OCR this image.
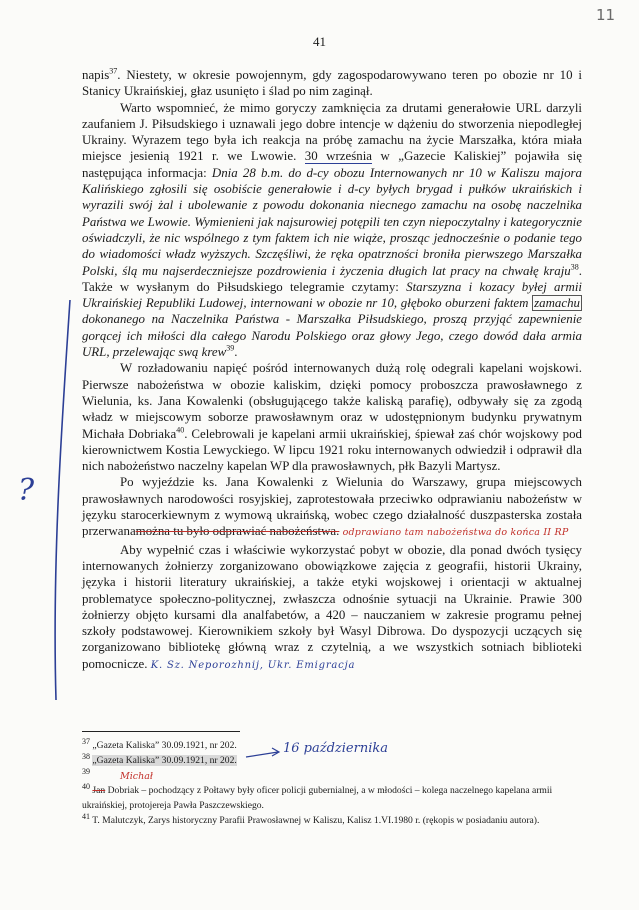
41
11

napis$^{37}$. Niestety, w okresie powojennym, gdy zagospodarowywano teren po obozie nr 10 i Stanicy Ukraińskiej, głaz usunięto i ślad po nim zaginął.

Warto wspomnieć, że mimo goryczy zamknięcia za drutami generałowie URL darzyli zaufaniem J. Piłsudskiego i uznawali jego dobre intencje w dążeniu do stworzenia niepodległej Ukrainy. Wyrazem tego była ich reakcja na próbę zamachu na życie Marszałka, która miała miejsce jesienią 1921 r. we Lwowie. 30 września w „Gazecie Kaliskiej” pojawiła się następująca informacja: Dnia 28 b.m. do d-cy obozu Internowanych nr 10 w Kaliszu majora Kalińskiego zgłosili się osobiście generałowie i d-cy byłych brygad i pułków ukraińskich i wyrazili swój żal i ubolewanie z powodu dokonania niecnego zamachu na osobę naczelnika Państwa we Lwowie. Wymienieni jak najsurowiej potępili ten czyn niepoczytalny i kategorycznie oświadczyli, że nic wspólnego z tym faktem ich nie wiąże, prosząc jednocześnie o podanie tego do wiadomości władz wyższych. Szczęśliwi, że ręka opatrzności broniła pierwszego Marszałka Polski, ślą mu najserdeczniejsze pozdrowienia i życzenia długich lat pracy na chwałę kraju$^{38}$. Także w wysłanym do Piłsudskiego telegramie czytamy: Starszyzna i kozacy byłej armii Ukraińskiej Republiki Ludowej, internowani w obozie nr 10, głęboko oburzeni faktem zamachu dokonanego na Naczelnika Państwa - Marszałka Piłsudskiego, proszą przyjąć zapewnienie gorącej ich miłości dla całego Narodu Polskiego oraz głowy Jego, czego dowód dała armia URL, przelewając swą krew$^{39}$.

W rozładowaniu napięć pośród internowanych dużą rolę odegrali kapelani wojskowi. Pierwsze nabożeństwa w obozie kaliskim, dzięki pomocy proboszcza prawosławnego z Wielunia, ks. Jana Kowalenki (obsługującego także kaliską parafię), odbywały się za zgodą władz w miejscowym soborze prawosławnym oraz w udostępnionym budynku prywatnym Michała Dobriaka$^{40}$. Celebrowali je kapelani armii ukraińskiej, śpiewał zaś chór wojskowy pod kierownictwem Kostia Lewyckiego. W lipcu 1921 roku internowanych odwiedził i odprawił dla nich nabożeństwo naczelny kapelan WP dla prawosławnych, płk Bazyli Martysz.

Po wyjeździe ks. Jana Kowalenki z Wielunia do Warszawy, grupa miejscowych prawosławnych narodowości rosyjskiej, zaprotestowała przeciwko odprawianiu nabożeństw w języku starocerkiewnym z wymową ukraińską, wobec czego działalność duszpasterska została przerwanamożna tu było odprawiać nabożeństwa. odprawiano tam nabożeństwa do końca II RP

Aby wypełnić czas i właściwie wykorzystać pobyt w obozie, dla ponad dwóch tysięcy internowanych żołnierzy zorganizowano obowiązkowe zajęcia z geografii, historii Ukrainy, języka i historii literatury ukraińskiej, a także etyki wojskowej i orientacji w aktualnej problematyce społeczno-politycznej, zwłaszcza odnośnie sytuacji na Ukrainie. Prawie 300 żołnierzy objęto kursami dla analfabetów, a 420 – nauczaniem w zakresie programu pełnej szkoły podstawowej. Kierownikiem szkoły był Wasyl Dibrowa. Do dyspozycji uczących się zorganizowano bibliotekę główną wraz z czytelnią, a we wszystkich sotniach biblioteki pomocnicze. K. Sz. Neporozhnij, Ukr. Emigracja

$^{37}$ „Gazeta Kaliska” 30.09.1921, nr 202.

$^{38}$ „Gazeta Kaliska” 30.09.1921, nr 202.

$^{39}$

$^{40}$ Jan Dobriak – pochodzący z Połtawy były oficer policji gubernialnej, a w młodości – kolega naczelnego kapelana armii ukraińskiej, protojereja Pawła Paszczewskiego.

$^{41}$ T. Malutczyk, Zarys historyczny Parafii Prawosławnej w Kaliszu, Kalisz 1.VI.1980 r. (rękopis w posiadaniu autora).

16 października
Michał
?
